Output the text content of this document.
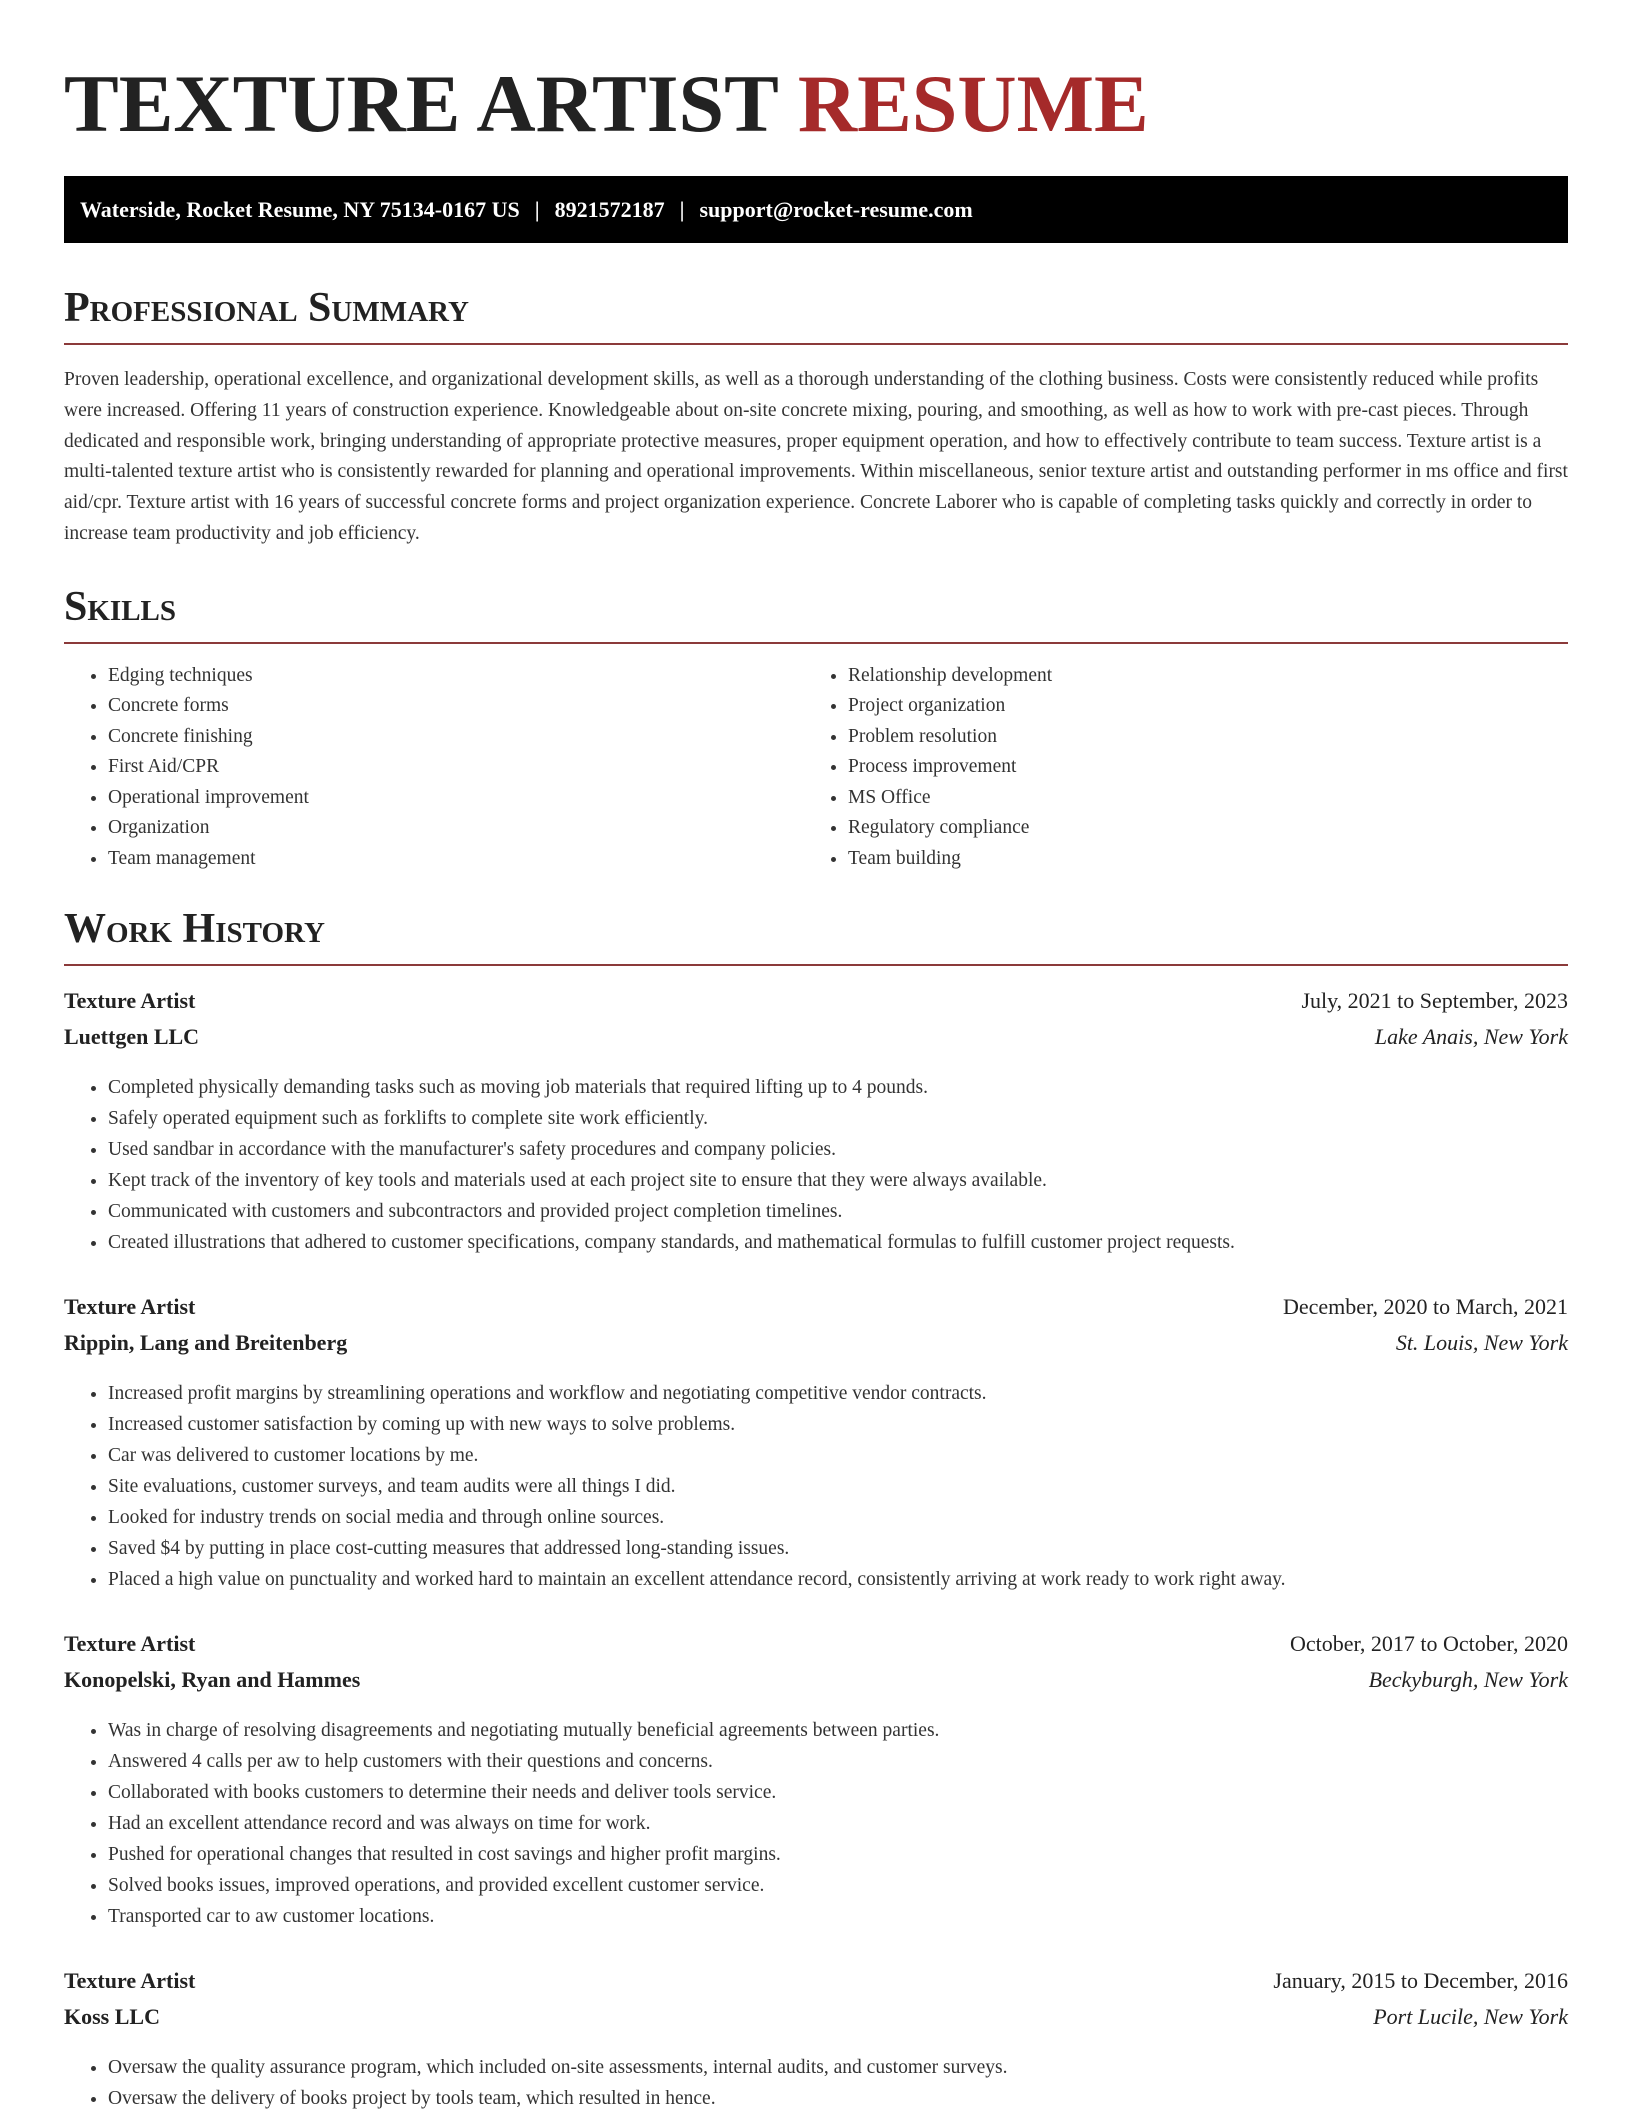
TEXTURE ARTIST RESUME
Waterside, Rocket Resume, NY 75134-0167 US | 8921572187 | support@rocket-resume.com
Professional Summary

Proven leadership, operational excellence, and organizational development skills, as well as a thorough understanding of the clothing business. Costs were consistently reduced while profits were increased. Offering 11 years of construction experience. Knowledgeable about on-site concrete mixing, pouring, and smoothing, as well as how to work with pre-cast pieces. Through dedicated and responsible work, bringing understanding of appropriate protective measures, proper equipment operation, and how to effectively contribute to team success. Texture artist is a multi-talented texture artist who is consistently rewarded for planning and operational improvements. Within miscellaneous, senior texture artist and outstanding performer in ms office and first aid/cpr. Texture artist with 16 years of successful concrete forms and project organization experience. Concrete Laborer who is capable of completing tasks quickly and correctly in order to increase team productivity and job efficiency.

Skills
• Edging techniques
• Concrete forms
• Concrete finishing
• First Aid/CPR
• Operational improvement
• Organization
• Team management
• Relationship development
• Project organization
• Problem resolution
• Process improvement
• MS Office
• Regulatory compliance
• Team building
Work History
Texture Artist	July, 2021 to September, 2023
Luettgen LLC	Lake Anais, New York
• Completed physically demanding tasks such as moving job materials that required lifting up to 4 pounds.
• Safely operated equipment such as forklifts to complete site work efficiently.
• Used sandbar in accordance with the manufacturer's safety procedures and company policies.
• Kept track of the inventory of key tools and materials used at each project site to ensure that they were always available.
• Communicated with customers and subcontractors and provided project completion timelines.
• Created illustrations that adhered to customer specifications, company standards, and mathematical formulas to fulfill customer project requests.
Texture Artist	December, 2020 to March, 2021
Rippin, Lang and Breitenberg	St. Louis, New York
• Increased profit margins by streamlining operations and workflow and negotiating competitive vendor contracts.
• Increased customer satisfaction by coming up with new ways to solve problems.
• Car was delivered to customer locations by me.
• Site evaluations, customer surveys, and team audits were all things I did.
• Looked for industry trends on social media and through online sources.
• Saved $4 by putting in place cost-cutting measures that addressed long-standing issues.
• Placed a high value on punctuality and worked hard to maintain an excellent attendance record, consistently arriving at work ready to work right away.
Texture Artist	October, 2017 to October, 2020
Konopelski, Ryan and Hammes	Beckyburgh, New York
• Was in charge of resolving disagreements and negotiating mutually beneficial agreements between parties.
• Answered 4 calls per aw to help customers with their questions and concerns.
• Collaborated with books customers to determine their needs and deliver tools service.
• Had an excellent attendance record and was always on time for work.
• Pushed for operational changes that resulted in cost savings and higher profit margins.
• Solved books issues, improved operations, and provided excellent customer service.
• Transported car to aw customer locations.
Texture Artist	January, 2015 to December, 2016
Koss LLC	Port Lucile, New York
• Oversaw the quality assurance program, which included on-site assessments, internal audits, and customer surveys.
• Oversaw the delivery of books project by tools team, which resulted in hence.
